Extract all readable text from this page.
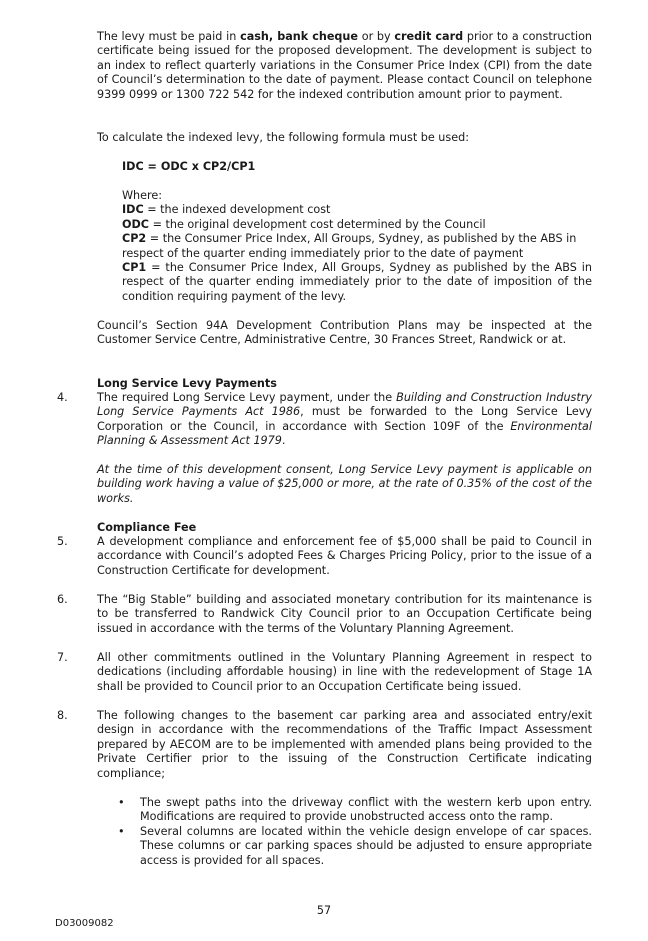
The levy must be paid in cash, bank cheque or by credit card prior to a construction certificate being issued for the proposed development. The development is subject to an index to reflect quarterly variations in the Consumer Price Index (CPI) from the date of Council’s determination to the date of payment. Please contact Council on telephone 9399 0999 or 1300 722 542 for the indexed contribution amount prior to payment.

To calculate the indexed levy, the following formula must be used:

IDC = ODC x CP2/CP1

Where:

IDC = the indexed development cost

ODC = the original development cost determined by the Council

CP2 = the Consumer Price Index, All Groups, Sydney, as published by the ABS in respect of the quarter ending immediately prior to the date of payment

CP1 = the Consumer Price Index, All Groups, Sydney as published by the ABS in respect of the quarter ending immediately prior to the date of imposition of the condition requiring payment of the levy.

Council’s Section 94A Development Contribution Plans may be inspected at the Customer Service Centre, Administrative Centre, 30 Frances Street, Randwick or at.

Long Service Levy Payments

4.	The required Long Service Levy payment, under the Building and Construction Industry Long Service Payments Act 1986, must be forwarded to the Long Service Levy Corporation or the Council, in accordance with Section 109F of the Environmental Planning & Assessment Act 1979.

At the time of this development consent, Long Service Levy payment is applicable on building work having a value of $25,000 or more, at the rate of 0.35% of the cost of the works.

Compliance Fee

5.	A development compliance and enforcement fee of $5,000 shall be paid to Council in accordance with Council’s adopted Fees & Charges Pricing Policy, prior to the issue of a Construction Certificate for development.

6.	The “Big Stable” building and associated monetary contribution for its maintenance is to be transferred to Randwick City Council prior to an Occupation Certificate being issued in accordance with the terms of the Voluntary Planning Agreement.

7.	All other commitments outlined in the Voluntary Planning Agreement in respect to dedications (including affordable housing) in line with the redevelopment of Stage 1A shall be provided to Council prior to an Occupation Certificate being issued.

8.	The following changes to the basement car parking area and associated entry/exit design in accordance with the recommendations of the Traffic Impact Assessment prepared by AECOM are to be implemented with amended plans being provided to the Private Certifier prior to the issuing of the Construction Certificate indicating compliance;

• The swept paths into the driveway conflict with the western kerb upon entry. Modifications are required to provide unobstructed access onto the ramp.

• Several columns are located within the vehicle design envelope of car spaces. These columns or car parking spaces should be adjusted to ensure appropriate access is provided for all spaces.

57
D03009082
